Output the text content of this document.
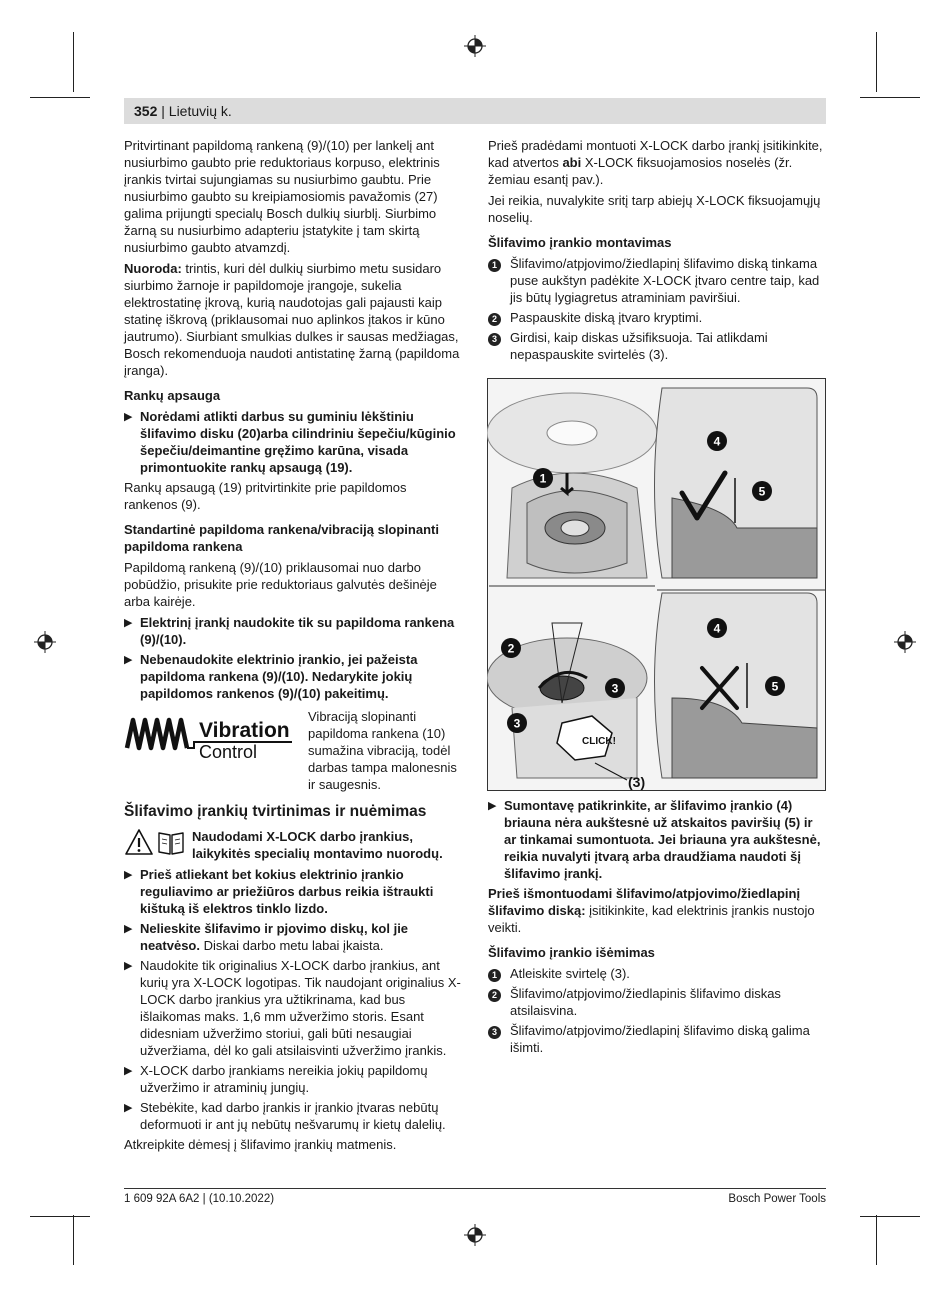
352 | Lietuvių k.

Pritvirtinant papildomą rankeną (9)/(10) per lankelį ant nusiurbimo gaubto prie reduktoriaus korpuso, elektrinis įrankis tvirtai sujungiamas su nusiurbimo gaubtu. Prie nusiurbimo gaubto su kreipiamosiomis pavažomis (27) galima prijungti specialų Bosch dulkių siurblį. Siurbimo žarną su nusiurbimo adapteriu įstatykite į tam skirtą nusiurbimo gaubto atvamzdį.

Nuoroda: trintis, kuri dėl dulkių siurbimo metu susidaro siurbimo žarnoje ir papildomoje įrangoje, sukelia elektrostatinę įkrovą, kurią naudotojas gali pajausti kaip statinę iškrovą (priklausomai nuo aplinkos įtakos ir kūno jautrumo). Siurbiant smulkias dulkes ir sausas medžiagas, Bosch rekomenduoja naudoti antistatinę žarną (papildoma įranga).

Rankų apsauga
▶ Norėdami atlikti darbus su guminiu lėkštiniu šlifavimo disku (20)arba cilindriniu šepečiu/kūginio šepečiu/deimantine gręžimo karūna, visada primontuokite rankų apsaugą (19).

Rankų apsaugą (19) pritvirtinkite prie papildomos rankenos (9).

Standartinė papildoma rankena/vibraciją slopinanti papildoma rankena

Papildomą rankeną (9)/(10) priklausomai nuo darbo pobūdžio, prisukite prie reduktoriaus galvutės dešinėje arba kairėje.

▶ Elektrinį įrankį naudokite tik su papildoma rankena (9)/(10).
▶ Nebenaudokite elektrinio įrankio, jei pažeista papildoma rankena (9)/(10). Nedarykite jokių papildomos rankenos (9)/(10) pakeitimų.
Vibration
Control
Vibraciją slopinanti papildoma rankena (10) sumažina vibraciją, todėl darbas tampa malonesnis ir saugesnis.
Šlifavimo įrankių tvirtinimas ir nuėmimas
Naudodami X-LOCK darbo įrankius, laikykitės specialių montavimo nuorodų.
▶ Prieš atliekant bet kokius elektrinio įrankio reguliavimo ar priežiūros darbus reikia ištraukti kištuką iš elektros tinklo lizdo.
▶ Nelieskite šlifavimo ir pjovimo diskų, kol jie neatvėso. Diskai darbo metu labai įkaista.
▶ Naudokite tik originalius X-LOCK darbo įrankius, ant kurių yra X-LOCK logotipas. Tik naudojant originalius X-LOCK darbo įrankius yra užtikrinama, kad bus išlaikomas maks. 1,6 mm užveržimo storis. Esant didesniam užveržimo storiui, gali būti nesaugiai užveržiama, dėl ko gali atsilaisvinti užveržimo įrankis.
▶ X-LOCK darbo įrankiams nereikia jokių papildomų užveržimo ir atraminių jungių.
▶ Stebėkite, kad darbo įrankis ir įrankio įtvaras nebūtų deformuoti ir ant jų nebūtų nešvarumų ir kietų dalelių.

Atkreipkite dėmesį į šlifavimo įrankių matmenis.

Prieš pradėdami montuoti X-LOCK darbo įrankį įsitikinkite, kad atvertos abi X-LOCK fiksuojamosios noselės (žr. žemiau esantį pav.).

Jei reikia, nuvalykite sritį tarp abiejų X-LOCK fiksuojamųjų noselių.

Šlifavimo įrankio montavimas
1	Šlifavimo/atpjovimo/žiedlapinį šlifavimo diską tinkama puse aukštyn padėkite X-LOCK įtvaro centre taip, kad jis būtų lygiagretus atraminiam paviršiui.
2	Paspauskite diską įtvaro kryptimi.
3	Girdisi, kaip diskas užsifiksuoja. Tai atlikdami nepaspauskite svirtelės (3).
1
2
3
3
4
5
4
5
CLICK!
(3)
▶ Sumontavę patikrinkite, ar šlifavimo įrankio (4) briauna nėra aukštesnė už atskaitos paviršių (5) ir ar tinkamai sumontuota. Jei briauna yra aukštesnė, reikia nuvalyti įtvarą arba draudžiama naudoti šį šlifavimo įrankį.

Prieš išmontuodami šlifavimo/atpjovimo/žiedlapinį šlifavimo diską: įsitikinkite, kad elektrinis įrankis nustojo veikti.

Šlifavimo įrankio išėmimas
1	Atleiskite svirtelę (3).
2	Šlifavimo/atpjovimo/žiedlapinis šlifavimo diskas atsilaisvina.
3	Šlifavimo/atpjovimo/žiedlapinį šlifavimo diską galima išimti.
1 609 92A 6A2 | (10.10.2022)	Bosch Power Tools
